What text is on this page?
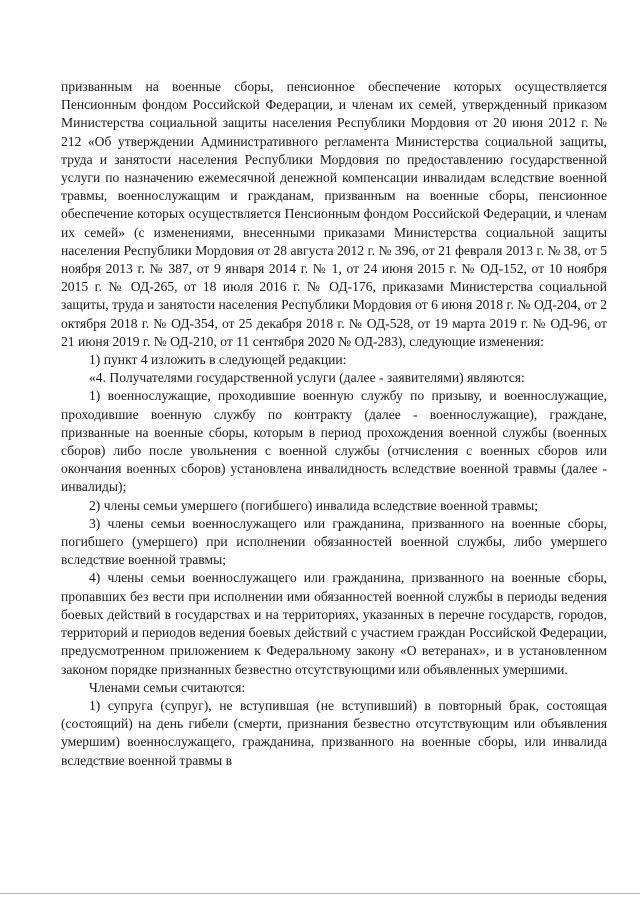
призванным на военные сборы, пенсионное обеспечение которых осуществляется Пенсионным фондом Российской Федерации, и членам их семей, утвержденный приказом Министерства социальной защиты населения Республики Мордовия от 20 июня 2012 г. № 212 «Об утверждении Административного регламента Министерства социальной защиты, труда и занятости населения Республики Мордовия по предоставлению государственной услуги по назначению ежемесячной денежной компенсации инвалидам вследствие военной травмы, военнослужащим и гражданам, призванным на военные сборы, пенсионное обеспечение которых осуществляется Пенсионным фондом Российской Федерации, и членам их семей» (с изменениями, внесенными приказами Министерства социальной защиты населения Республики Мордовия от 28 августа 2012 г. № 396, от 21 февраля 2013 г. № 38, от 5 ноября 2013 г. № 387, от 9 января 2014 г. № 1, от 24 июня 2015 г. № ОД-152, от 10 ноября 2015 г. № ОД-265, от 18 июля 2016 г. № ОД-176, приказами Министерства социальной защиты, труда и занятости населения Республики Мордовия от 6 июня 2018 г. № ОД-204, от 2 октября 2018 г. № ОД-354, от 25 декабря 2018 г. № ОД-528, от 19 марта 2019 г. № ОД-96, от 21 июня 2019 г. № ОД-210, от 11 сентября 2020 № ОД-283), следующие изменения:

1) пункт 4 изложить в следующей редакции:

«4. Получателями государственной услуги (далее - заявителями) являются:

1) военнослужащие, проходившие военную службу по призыву, и военнослужащие, проходившие военную службу по контракту (далее - военнослужащие), граждане, призванные на военные сборы, которым в период прохождения военной службы (военных сборов) либо после увольнения с военной службы (отчисления с военных сборов или окончания военных сборов) установлена инвалидность вследствие военной травмы (далее - инвалиды);

2) члены семьи умершего (погибшего) инвалида вследствие военной травмы;

3) члены семьи военнослужащего или гражданина, призванного на военные сборы, погибшего (умершего) при исполнении обязанностей военной службы, либо умершего вследствие военной травмы;

4) члены семьи военнослужащего или гражданина, призванного на военные сборы, пропавших без вести при исполнении ими обязанностей военной службы в периоды ведения боевых действий в государствах и на территориях, указанных в перечне государств, городов, территорий и периодов ведения боевых действий с участием граждан Российской Федерации, предусмотренном приложением к Федеральному закону «О ветеранах», и в установленном законом порядке признанных безвестно отсутствующими или объявленных умершими.

Членами семьи считаются:

1) супруга (супруг), не вступившая (не вступивший) в повторный брак, состоящая (состоящий) на день гибели (смерти, признания безвестно отсутствующим или объявления умершим) военнослужащего, гражданина, призванного на военные сборы, или инвалида вследствие военной травмы в
